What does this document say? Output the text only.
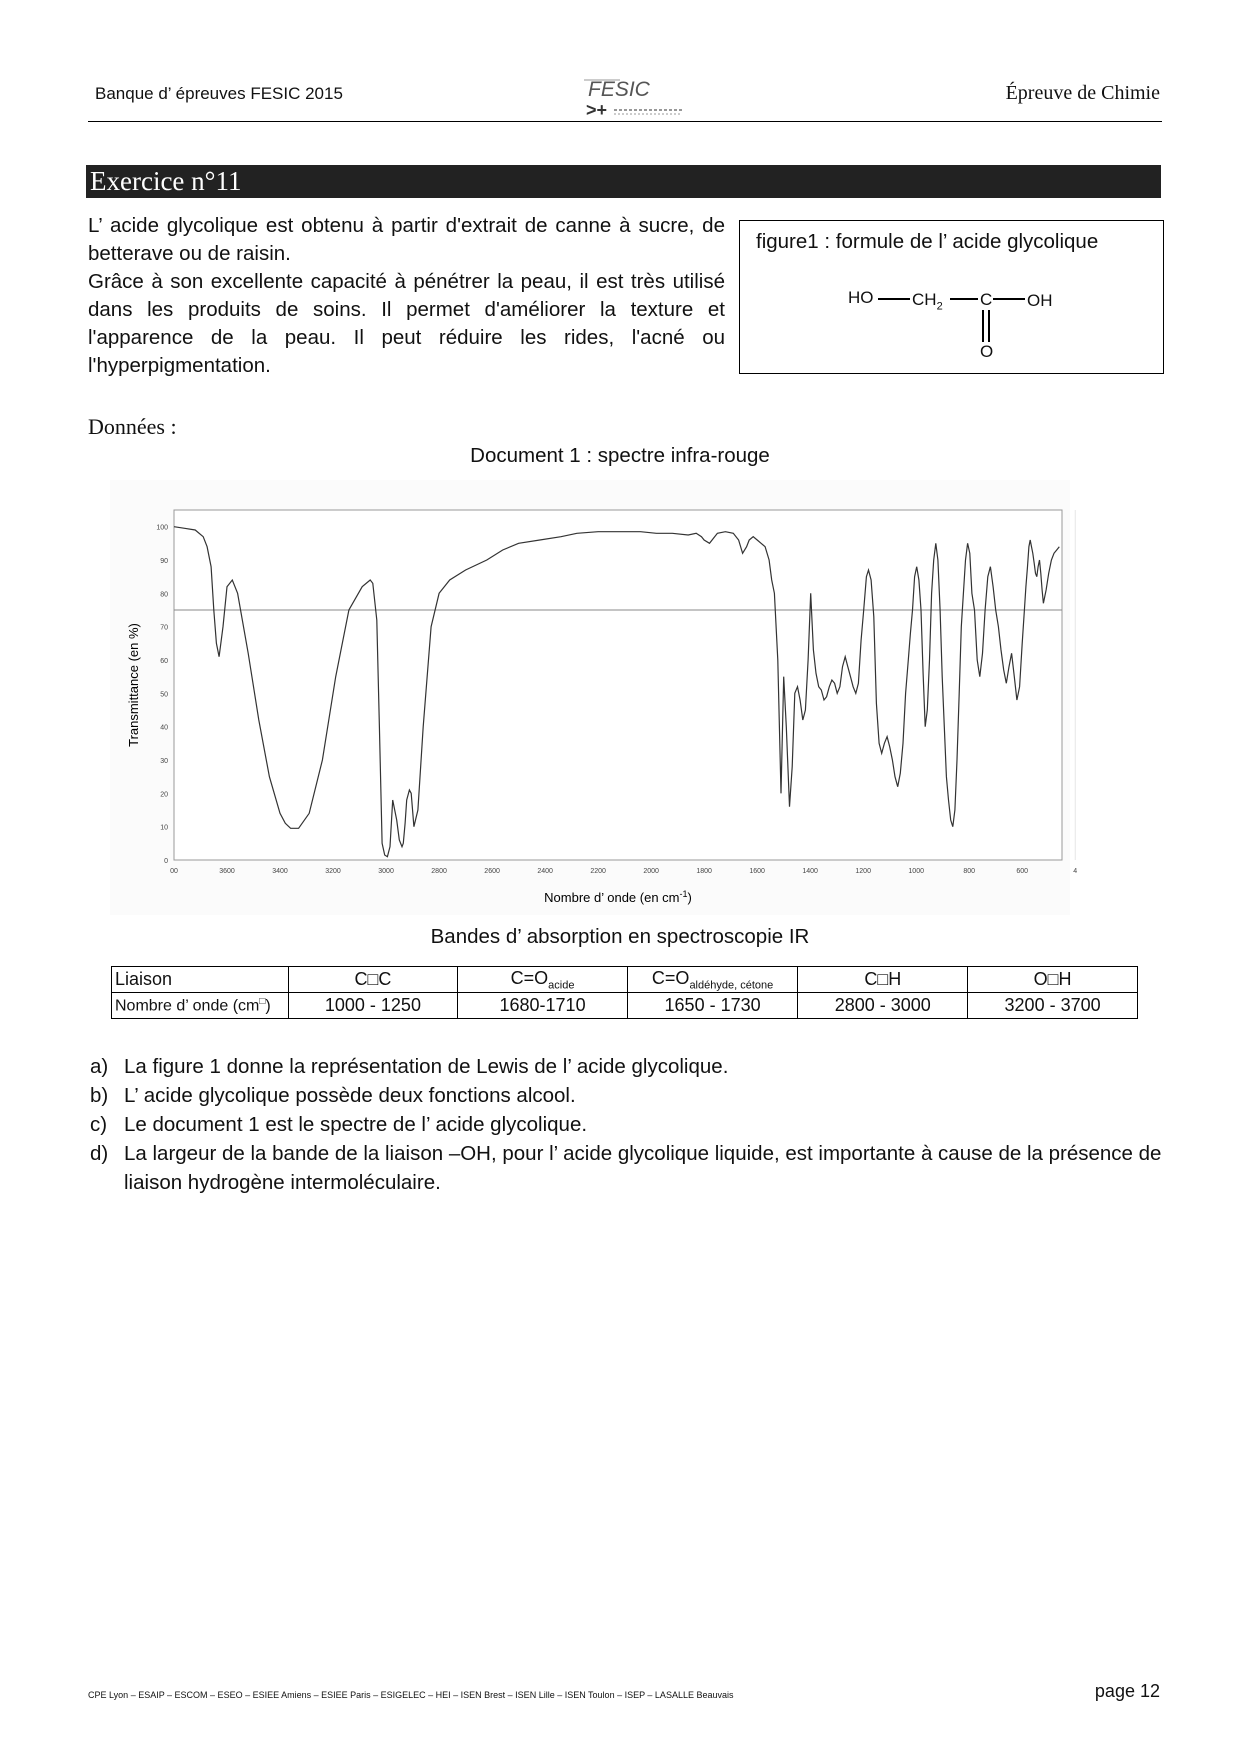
Banque d’ épreuves FESIC 2015	FESIC
>+
Épreuve de Chimie
Exercice n°11

L’ acide glycolique est obtenu à partir d'extrait de canne à sucre, de betterave ou de raisin.

Grâce à son excellente capacité à pénétrer la peau, il est très utilisé dans les produits de soins. Il permet d'améliorer la texture et l'apparence de la peau. Il peut réduire les rides, l'acné ou l'hyperpigmentation.

figure1 : formule de l’ acide glycolique
HO $CH_2$ C OH
O
Données :
Document 1 : spectre infra-rouge
100
90
80
70
60
50
40
30
20
10
0
00	3600	3400	3200	3000	2800	2600	2400	2200	2000	1800	1600	1400	1200	1000	800	600	4
Transmittance (en %)
Nombre d’ onde (en $cm^{-1}$)
Bandes d’ absorption en spectroscopie IR
Liaison	C□C	$C=O_{acide}$	$C=O_{aldéhyde, cétone}$	C□H	O□H
Nombre d’ onde (cm□)	1000 - 1250	1680-1710	1650 - 1730	2800 - 3000	3200 - 3700
a) La figure 1 donne la représentation de Lewis de l’ acide glycolique.
b) L’ acide glycolique possède deux fonctions alcool.
c) Le document 1 est le spectre de l’ acide glycolique.
d) La largeur de la bande de la liaison –OH, pour l’ acide glycolique liquide, est importante à cause de la présence de liaison hydrogène intermoléculaire.
CPE Lyon – ESAIP – ESCOM – ESEO – ESIEE Amiens – ESIEE Paris – ESIGELEC – HEI – ISEN Brest – ISEN Lille – ISEN Toulon – ISEP – LASALLE Beauvais	page 12
